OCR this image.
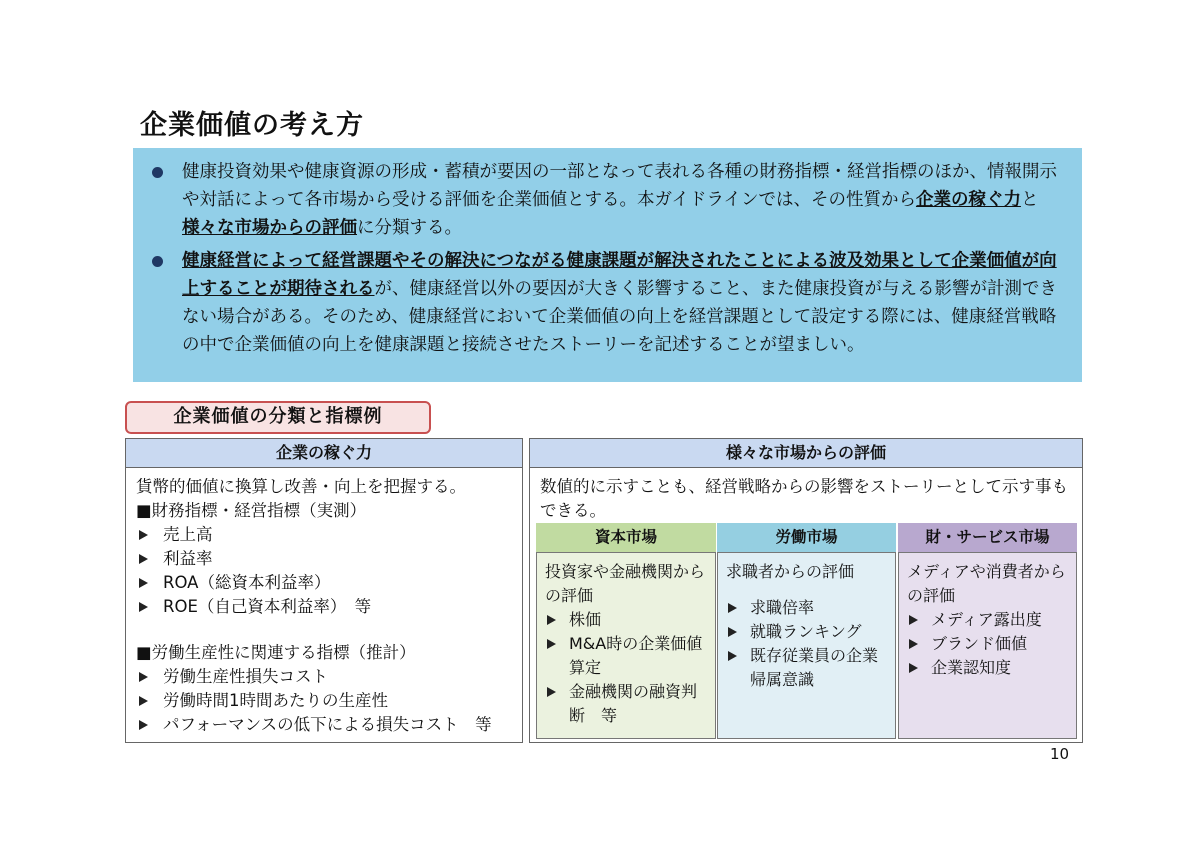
企業価値の考え方
健康投資効果や健康資源の形成・蓄積が要因の一部となって表れる各種の財務指標・経営指標のほか、情報開示や対話によって各市場から受ける評価を企業価値とする。本ガイドラインでは、その性質から企業の稼ぐ力と様々な市場からの評価に分類する。
健康経営によって経営課題やその解決につながる健康課題が解決されたことによる波及効果として企業価値が向上することが期待されるが、健康経営以外の要因が大きく影響すること、また健康投資が与える影響が計測できない場合がある。そのため、健康経営において企業価値の向上を経営課題として設定する際には、健康経営戦略の中で企業価値の向上を健康課題と接続させたストーリーを記述することが望ましい。
企業価値の分類と指標例
企業の稼ぐ力
貨幣的価値に換算し改善・向上を把握する。
■財務指標・経営指標（実測）
売上高
利益率
ROA（総資本利益率）
ROE（自己資本利益率）　等
■労働生産性に関連する指標（推計）
労働生産性損失コスト
労働時間1時間あたりの生産性
パフォーマンスの低下による損失コスト　等
様々な市場からの評価
数値的に示すことも、経営戦略からの影響をストーリーとして示す事もできる。
資本市場
投資家や金融機関からの評価
株価
M&A時の企業価値算定
金融機関の融資判断　等
労働市場
求職者からの評価
求職倍率
就職ランキング
既存従業員の企業帰属意識
財・サービス市場
メディアや消費者からの評価
メディア露出度
ブランド価値
企業認知度
10
